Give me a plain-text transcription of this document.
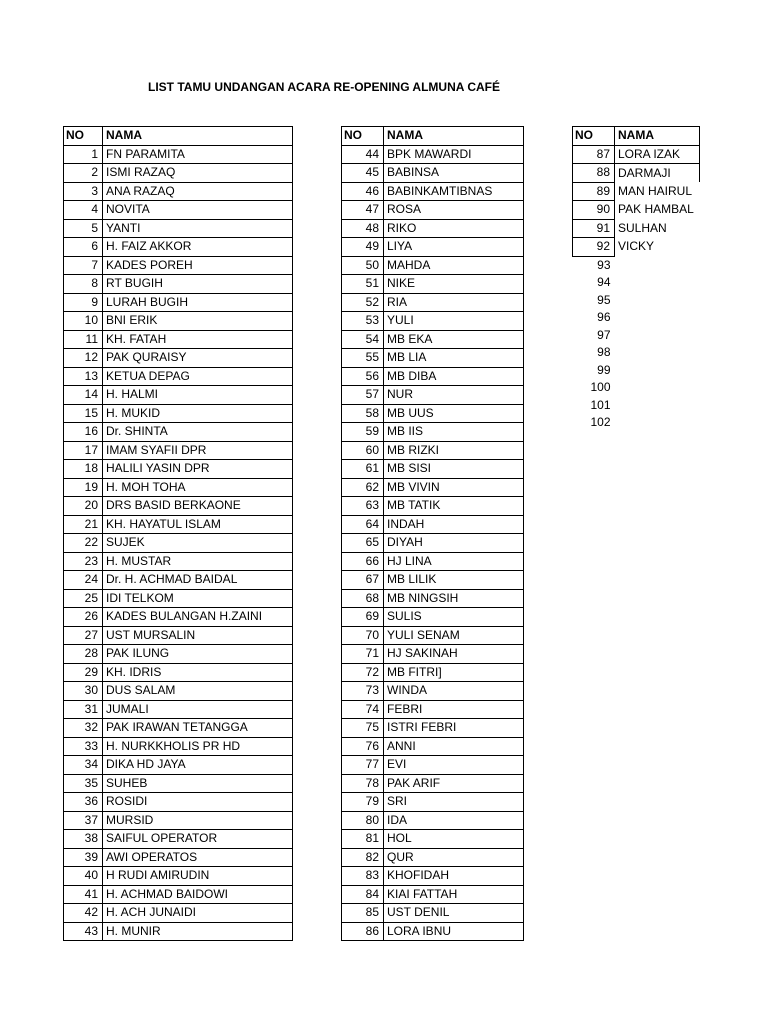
LIST TAMU UNDANGAN ACARA RE-OPENING ALMUNA CAFÉ
NO	NAMA
1	FN PARAMITA
2	ISMI RAZAQ
3	ANA RAZAQ
4	NOVITA
5	YANTI
6	H. FAIZ AKKOR
7	KADES POREH
8	RT BUGIH
9	LURAH BUGIH
10	BNI ERIK
11	KH. FATAH
12	PAK QURAISY
13	KETUA DEPAG
14	H. HALMI
15	H. MUKID
16	Dr. SHINTA
17	IMAM SYAFII DPR
18	HALILI YASIN DPR
19	H. MOH TOHA
20	DRS BASID BERKAONE
21	KH. HAYATUL ISLAM
22	SUJEK
23	H. MUSTAR
24	Dr. H. ACHMAD BAIDAL
25	IDI TELKOM
26	KADES BULANGAN H.ZAINI
27	UST MURSALIN
28	PAK ILUNG
29	KH. IDRIS
30	DUS SALAM
31	JUMALI
32	PAK IRAWAN TETANGGA
33	H. NURKKHOLIS PR HD
34	DIKA HD JAYA
35	SUHEB
36	ROSIDI
37	MURSID
38	SAIFUL OPERATOR
39	AWI OPERATOS
40	H RUDI AMIRUDIN
41	H. ACHMAD BAIDOWI
42	H. ACH JUNAIDI
43	H. MUNIR
NO	NAMA
44	BPK MAWARDI
45	BABINSA
46	BABINKAMTIBNAS
47	ROSA
48	RIKO
49	LIYA
50	MAHDA
51	NIKE
52	RIA
53	YULI
54	MB EKA
55	MB LIA
56	MB DIBA
57	NUR
58	MB UUS
59	MB IIS
60	MB RIZKI
61	MB SISI
62	MB VIVIN
63	MB TATIK
64	INDAH
65	DIYAH
66	HJ LINA
67	MB LILIK
68	MB NINGSIH
69	SULIS
70	YULI SENAM
71	HJ SAKINAH
72	MB FITRI]
73	WINDA
74	FEBRI
75	ISTRI FEBRI
76	ANNI
77	EVI
78	PAK ARIF
79	SRI
80	IDA
81	HOL
82	QUR
83	KHOFIDAH
84	KIAI FATTAH
85	UST DENIL
86	LORA IBNU
NO	NAMA
87	LORA IZAK
88	DARMAJI
89	MAN HAIRUL
90	PAK HAMBAL
91	SULHAN
92	VICKY
93	
94	
95	
96	
97	
98	
99	
100	
101	
102	
